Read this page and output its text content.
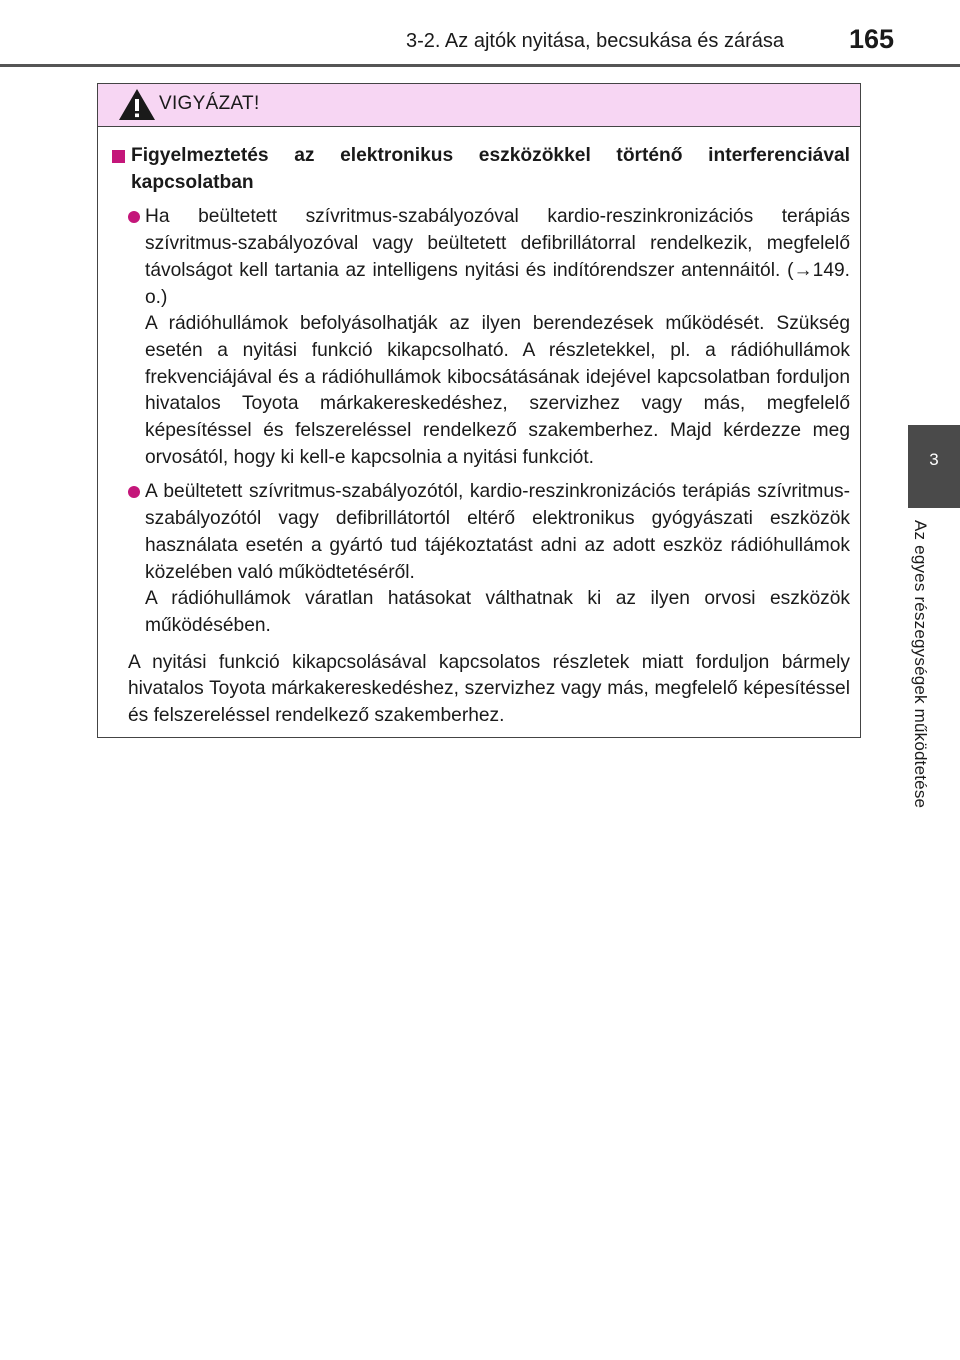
3-2. Az ajtók nyitása, becsukása és zárása 165
3
Az egyes részegységek működtetése
VIGYÁZAT!
Figyelmeztetés az elektronikus eszközökkel történő interferenciával kapcsolatban

Ha beültetett szívritmus-szabályozóval kardio-reszinkronizációs terápiás szívritmus-szabályozóval vagy beültetett defibrillátorral rendelkezik, megfelelő távolságot kell tartania az intelligens nyitási és indítórendszer antennáitól. (→149. o.)

A rádióhullámok befolyásolhatják az ilyen berendezések működését. Szükség esetén a nyitási funkció kikapcsolható. A részletekkel, pl. a rádióhullámok frekvenciájával és a rádióhullámok kibocsátásának idejével kapcsolatban forduljon hivatalos Toyota márkakereskedéshez, szervizhez vagy más, megfelelő képesítéssel és felszereléssel rendelkező szakemberhez. Majd kérdezze meg orvosától, hogy ki kell-e kapcsolnia a nyitási funkciót.

A beültetett szívritmus-szabályozótól, kardio-reszinkronizációs terápiás szívritmus-szabályozótól vagy defibrillátortól eltérő elektronikus gyógyászati eszközök használata esetén a gyártó tud tájékoztatást adni az adott eszköz rádióhullámok közelében való működtetéséről.

A rádióhullámok váratlan hatásokat válthatnak ki az ilyen orvosi eszközök működésében.

A nyitási funkció kikapcsolásával kapcsolatos részletek miatt forduljon bármely hivatalos Toyota márkakereskedéshez, szervizhez vagy más, megfelelő képesítéssel és felszereléssel rendelkező szakemberhez.
